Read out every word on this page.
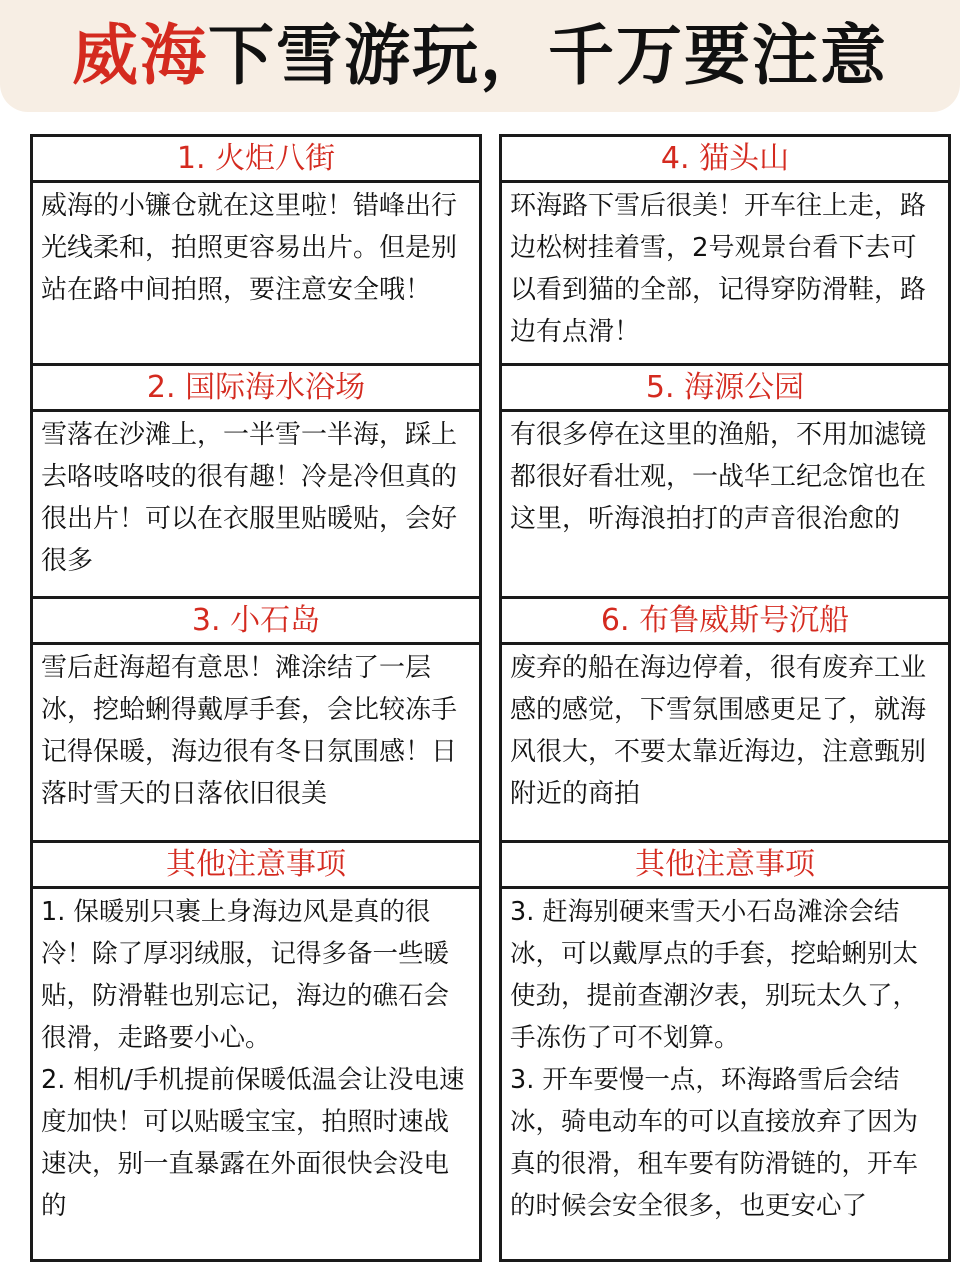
威海下雪游玩，千万要注意
1. 火炬八街
威海的小镰仓就在这里啦！错峰出行光线柔和，拍照更容易出片。但是别站在路中间拍照，要注意安全哦！
2. 国际海水浴场
雪落在沙滩上，一半雪一半海，踩上去咯吱咯吱的很有趣！冷是冷但真的很出片！可以在衣服里贴暖贴，会好很多
3. 小石岛
雪后赶海超有意思！滩涂结了一层冰，挖蛤蜊得戴厚手套，会比较冻手记得保暖，海边很有冬日氛围感！日落时雪天的日落依旧很美
其他注意事项
1. 保暖别只裹上身海边风是真的很冷！除了厚羽绒服，记得多备一些暖贴，防滑鞋也别忘记，海边的礁石会很滑，走路要小心。
2. 相机/手机提前保暖低温会让没电速度加快！可以贴暖宝宝，拍照时速战速决，别一直暴露在外面很快会没电的
4. 猫头山
环海路下雪后很美！开车往上走，路边松树挂着雪，2号观景台看下去可以看到猫的全部，记得穿防滑鞋，路边有点滑！
5. 海源公园
有很多停在这里的渔船，不用加滤镜都很好看壮观，一战华工纪念馆也在这里，听海浪拍打的声音很治愈的
6. 布鲁威斯号沉船
废弃的船在海边停着，很有废弃工业感的感觉，下雪氛围感更足了，就海风很大，不要太靠近海边，注意甄别附近的商拍
其他注意事项
3. 赶海别硬来雪天小石岛滩涂会结冰，可以戴厚点的手套，挖蛤蜊别太使劲，提前查潮汐表，别玩太久了，手冻伤了可不划算。
3. 开车要慢一点，环海路雪后会结冰，骑电动车的可以直接放弃了因为真的很滑，租车要有防滑链的，开车的时候会安全很多，也更安心了
